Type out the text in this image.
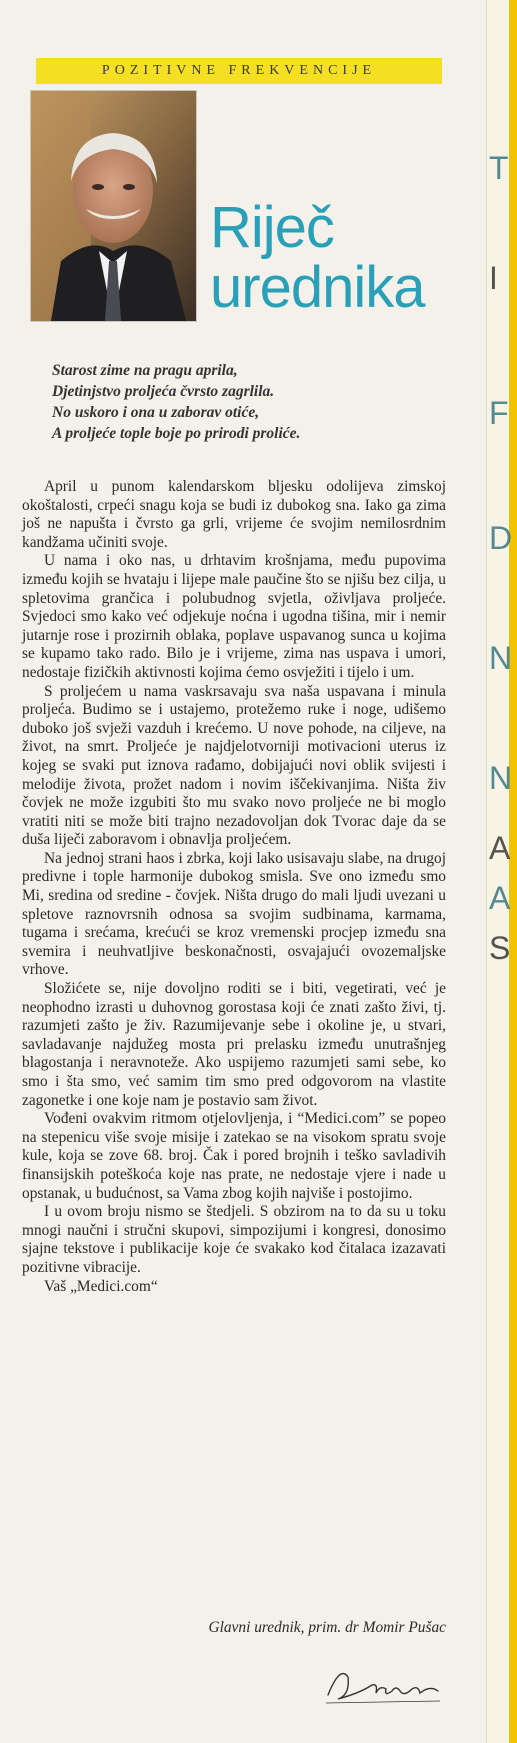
T
I
F
D
N
N
A
A
S
POZITIVNE FREKVENCIJE

Riječ
urednika
Starost zime na pragu aprila,
Djetinjstvo proljeća čvrsto zagrlila.
No uskoro i ona u zaborav otiće,
A proljeće tople boje po prirodi proliće.

April u punom kalendarskom bljesku odolijeva zimskoj okoštalosti, crpeći snagu koja se budi iz dubokog sna. Iako ga zima još ne napušta i čvrsto ga grli, vrijeme će svojim nemilosrdnim kandžama učiniti svoje.

U nama i oko nas, u drhtavim krošnjama, među pupovima između kojih se hvataju i lijepe male paučine što se njišu bez cilja, u spletovima grančica i polubudnog svjetla, oživljava proljeće. Svjedoci smo kako već odjekuje noćna i ugodna tišina, mir i nemir jutarnje rose i prozirnih oblaka, poplave uspavanog sunca u kojima se kupamo tako rado. Bilo je i vrijeme, zima nas uspava i umori, nedostaje fizičkih aktivnosti kojima ćemo osvježiti i tijelo i um.

S proljećem u nama vaskrsavaju sva naša uspavana i minula proljeća. Budimo se i ustajemo, protežemo ruke i noge, udišemo duboko još svježi vazduh i krećemo. U nove pohode, na ciljeve, na život, na smrt. Proljeće je najdjelotvorniji motivacioni uterus iz kojeg se svaki put iznova rađamo, dobijajući novi oblik svijesti i melodije života, prožet nadom i novim iščekivanjima. Ništa živ čovjek ne može izgubiti što mu svako novo proljeće ne bi moglo vratiti niti se može biti trajno nezadovoljan dok Tvorac daje da se duša liječi zaboravom i obnavlja proljećem.

Na jednoj strani haos i zbrka, koji lako usisavaju slabe, na drugoj predivne i tople harmonije dubokog smisla. Sve ono između smo Mi, sredina od sredine - čovjek. Ništa drugo do mali ljudi uvezani u spletove raznovrsnih odnosa sa svojim sudbinama, karmama, tugama i srećama, krećući se kroz vremenski procjep između sna svemira i neuhvatljive beskonačnosti, osvajajući ovozemaljske vrhove.

Složićete se, nije dovoljno roditi se i biti, vegetirati, već je neophodno izrasti u duhovnog gorostasa koji će znati zašto živi, tj. razumjeti zašto je živ. Razumijevanje sebe i okoline je, u stvari, savladavanje najdužeg mosta pri prelasku između unutrašnjeg blagostanja i neravnoteže. Ako uspijemo razumjeti sami sebe, ko smo i šta smo, već samim tim smo pred odgovorom na vlastite zagonetke i one koje nam je postavio sam život.

Vođeni ovakvim ritmom otjelovljenja, i “Medici.com” se popeo na stepenicu više svoje misije i zatekao se na visokom spratu svoje kule, koja se zove 68. broj. Čak i pored brojnih i teško savladivih finansijskih poteškoća koje nas prate, ne nedostaje vjere i nade u opstanak, u budućnost, sa Vama zbog kojih najviše i postojimo.

I u ovom broju nismo se štedjeli. S obzirom na to da su u toku mnogi naučni i stručni skupovi, simpozijumi i kongresi, donosimo sjajne tekstove i publikacije koje će svakako kod čitalaca izazavati pozitivne vibracije.

Vaš „Medici.com“

Glavni urednik, prim. dr Momir Pušac
